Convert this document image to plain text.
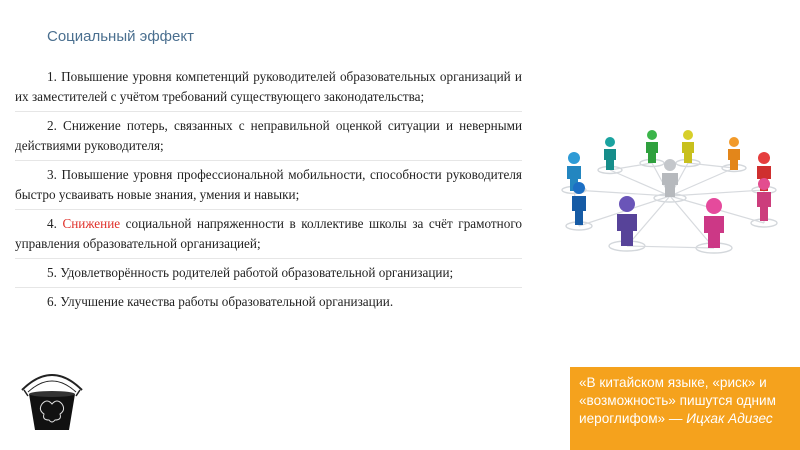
Социальный эффект

1. Повышение уровня компетенций руководителей образовательных организаций и их заместителей с учётом требований существующего законодательства;

2. Снижение потерь, связанных с неправильной оценкой ситуации и неверными действиями руководителя;

3. Повышение уровня профессиональной мобильности, способности руководителя быстро усваивать новые знания, умения и навыки;

4. Снижение социальной напряженности в коллективе школы за счёт грамотного управления образовательной организацией;

5. Удовлетворённость родителей работой образовательной организации;

6. Улучшение качества работы образовательной организации.

«В китайском языке, «риск» и «возможность» пишутся одним иероглифом» — Ицхак Адизес
